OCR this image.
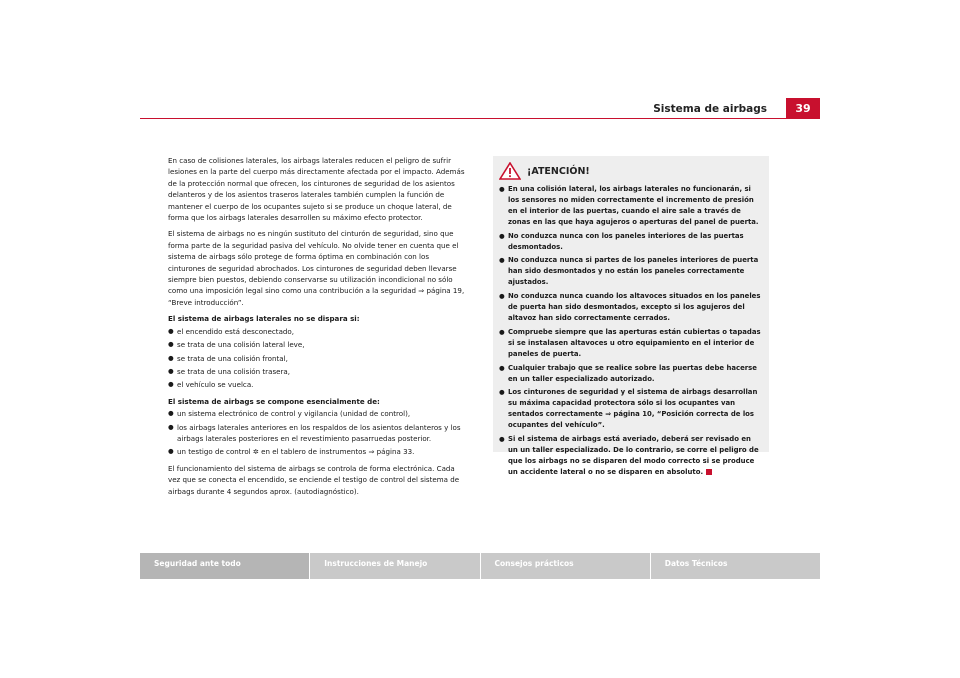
Sistema de airbags	39

En caso de colisiones laterales, los airbags laterales reducen el peligro de sufrir lesiones en la parte del cuerpo más directamente afectada por el impacto. Además de la protección normal que ofrecen, los cinturones de seguridad de los asientos delanteros y de los asientos traseros laterales también cumplen la función de mantener el cuerpo de los ocupantes sujeto si se produce un choque lateral, de forma que los airbags laterales desarrollen su máximo efecto protector.

El sistema de airbags no es ningún sustituto del cinturón de seguridad, sino que forma parte de la seguridad pasiva del vehículo. No olvide tener en cuenta que el sistema de airbags sólo protege de forma óptima en combinación con los cinturones de seguridad abrochados. Los cinturones de seguridad deben llevarse siempre bien puestos, debiendo conservarse su utilización incondicional no sólo como una imposición legal sino como una contribución a la seguridad ⇒ página 19, “Breve introducción”.

El sistema de airbags laterales no se dispara si:

● el encendido está desconectado,
● se trata de una colisión lateral leve,
● se trata de una colisión frontal,
● se trata de una colisión trasera,
● el vehículo se vuelca.

El sistema de airbags se compone esencialmente de:

● un sistema electrónico de control y vigilancia (unidad de control),
● los airbags laterales anteriores en los respaldos de los asientos delanteros y los airbags laterales posteriores en el revestimiento pasarruedas posterior.
● un testigo de control ✲ en el tablero de instrumentos ⇒ página 33.

El funcionamiento del sistema de airbags se controla de forma electrónica. Cada vez que se conecta el encendido, se enciende el testigo de control del sistema de airbags durante 4 segundos aprox. (autodiagnóstico).

¡ATENCIÓN!
● En una colisión lateral, los airbags laterales no funcionarán, si los sensores no miden correctamente el incremento de presión en el interior de las puertas, cuando el aire sale a través de zonas en las que haya agujeros o aperturas del panel de puerta.
● No conduzca nunca con los paneles interiores de las puertas desmontados.
● No conduzca nunca si partes de los paneles interiores de puerta han sido desmontados y no están los paneles correctamente ajustados.
● No conduzca nunca cuando los altavoces situados en los paneles de puerta han sido desmontados, excepto si los agujeros del altavoz han sido correctamente cerrados.
● Compruebe siempre que las aperturas están cubiertas o tapadas si se instalasen altavoces u otro equipamiento en el interior de paneles de puerta.
● Cualquier trabajo que se realice sobre las puertas debe hacerse en un taller especializado autorizado.
● Los cinturones de seguridad y el sistema de airbags desarrollan su máxima capacidad protectora sólo si los ocupantes van sentados correctamente ⇒ página 10, “Posición correcta de los ocupantes del vehículo”.
● Si el sistema de airbags está averiado, deberá ser revisado en un un taller especializado. De lo contrario, se corre el peligro de que los airbags no se disparen del modo correcto si se produce un accidente lateral o no se disparen en absoluto.
Seguridad ante todo	Instrucciones de Manejo	Consejos prácticos	Datos Técnicos
